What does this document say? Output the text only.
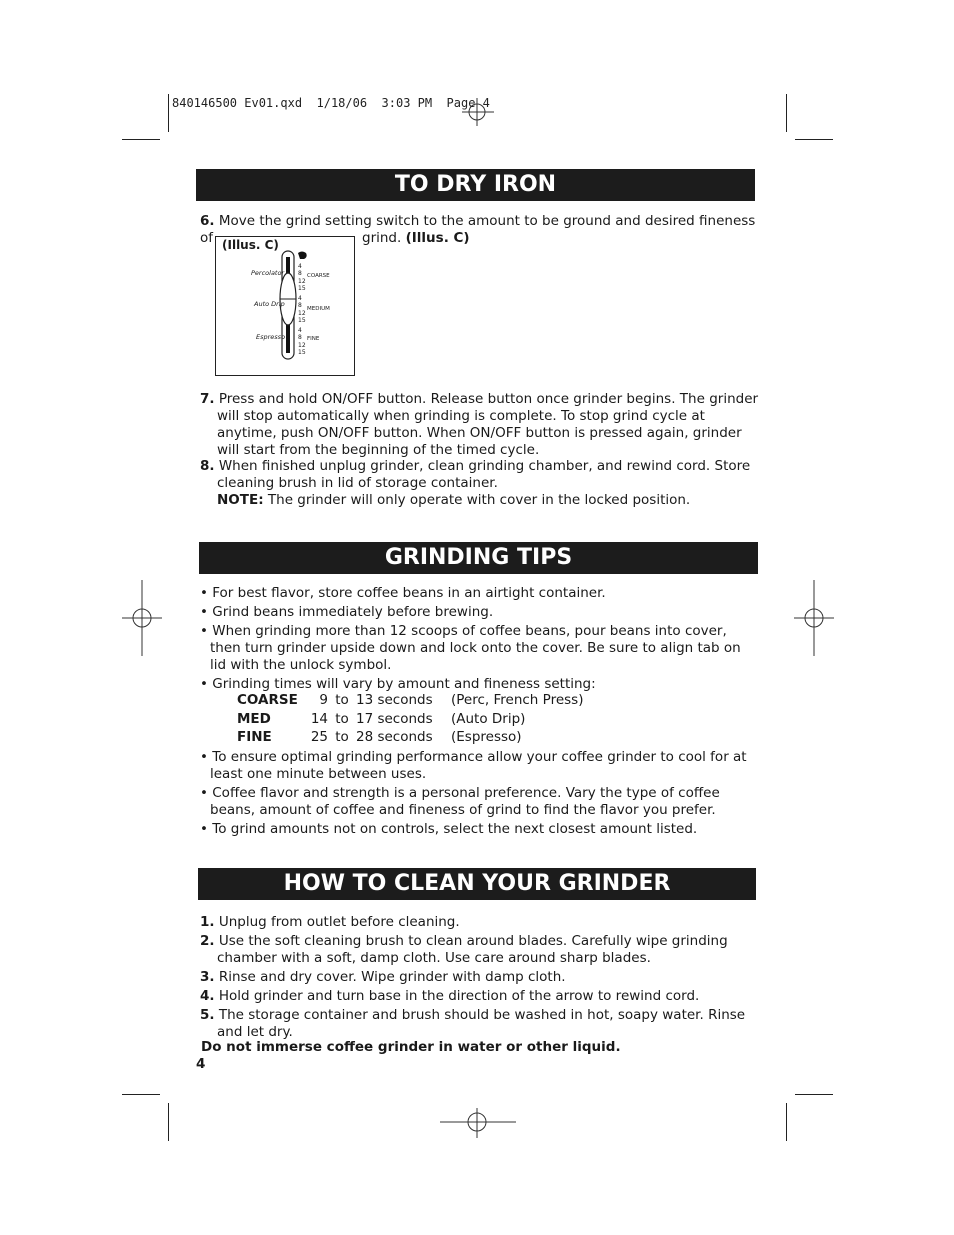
840146500 Ev01.qxd  1/18/06  3:03 PM  Page 4
TO DRY IRON
6. Move the grind setting switch to the amount to be ground and desired fineness of	grind. (Illus. C)
(Illus. C)
Percolator
Auto Drip
Espresso
4
8
12
15
4
8
12
15
4
8
12
15
COARSE
MEDIUM
FINE
7. Press and hold ON/OFF button. Release button once grinder begins. The grinder will stop automatically when grinding is complete. To stop grind cycle at anytime, push ON/OFF button. When ON/OFF button is pressed again, grinder will start from the beginning of the timed cycle.
8. When finished unplug grinder, clean grinding chamber, and rewind cord. Store cleaning brush in lid of storage container.
NOTE: The grinder will only operate with cover in the locked position.
GRINDING TIPS
• For best flavor, store coffee beans in an airtight container.
• Grind beans immediately before brewing.
• When grinding more than 12 scoops of coffee beans, pour beans into cover, then turn grinder upside down and lock onto the cover. Be sure to align tab on lid with the unlock symbol.
• Grinding times will vary by amount and fineness setting:
COARSE	9	to	13 seconds	(Perc, French Press)
MED	14	to	17 seconds	(Auto Drip)
FINE	25	to	28 seconds	(Espresso)
• To ensure optimal grinding performance allow your coffee grinder to cool for at least one minute between uses.
• Coffee flavor and strength is a personal preference. Vary the type of coffee beans, amount of coffee and fineness of grind to find the flavor you prefer.
• To grind amounts not on controls, select the next closest amount listed.
HOW TO CLEAN YOUR GRINDER
1. Unplug from outlet before cleaning.
2. Use the soft cleaning brush to clean around blades. Carefully wipe grinding chamber with a soft, damp cloth. Use care around sharp blades.
3. Rinse and dry cover. Wipe grinder with damp cloth.
4. Hold grinder and turn base in the direction of the arrow to rewind cord.
5. The storage container and brush should be washed in hot, soapy water. Rinse and let dry.
Do not immerse coffee grinder in water or other liquid.
4
